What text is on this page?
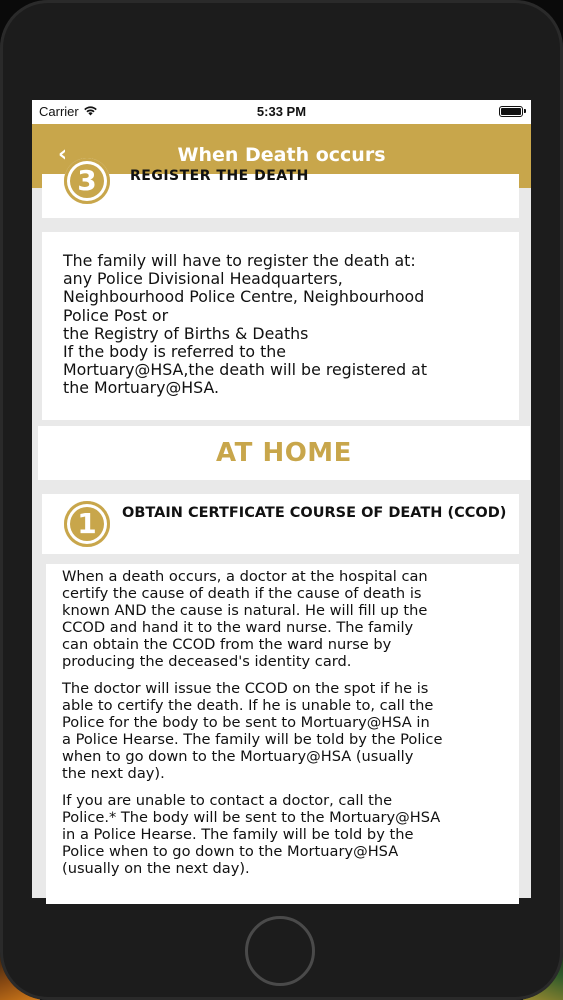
Carrier	5:33 PM
‹	When Death occurs
3	REGISTER THE DEATH
The family will have to register the death at:
any Police Divisional Headquarters,
Neighbourhood Police Centre, Neighbourhood
Police Post or
the Registry of Births & Deaths
If the body is referred to the
Mortuary@HSA,the death will be registered at
the Mortuary@HSA.
AT HOME
1	OBTAIN CERTFICATE COURSE OF DEATH (CCOD)
When a death occurs, a doctor at the hospital can
certify the cause of death if the cause of death is
known AND the cause is natural. He will fill up the
CCOD and hand it to the ward nurse. The family
can obtain the CCOD from the ward nurse by
producing the deceased's identity card.
The doctor will issue the CCOD on the spot if he is
able to certify the death. If he is unable to, call the
Police for the body to be sent to Mortuary@HSA in
a Police Hearse. The family will be told by the Police
when to go down to the Mortuary@HSA (usually
the next day).
If you are unable to contact a doctor, call the
Police.* The body will be sent to the Mortuary@HSA
in a Police Hearse. The family will be told by the
Police when to go down to the Mortuary@HSA
(usually on the next day).
